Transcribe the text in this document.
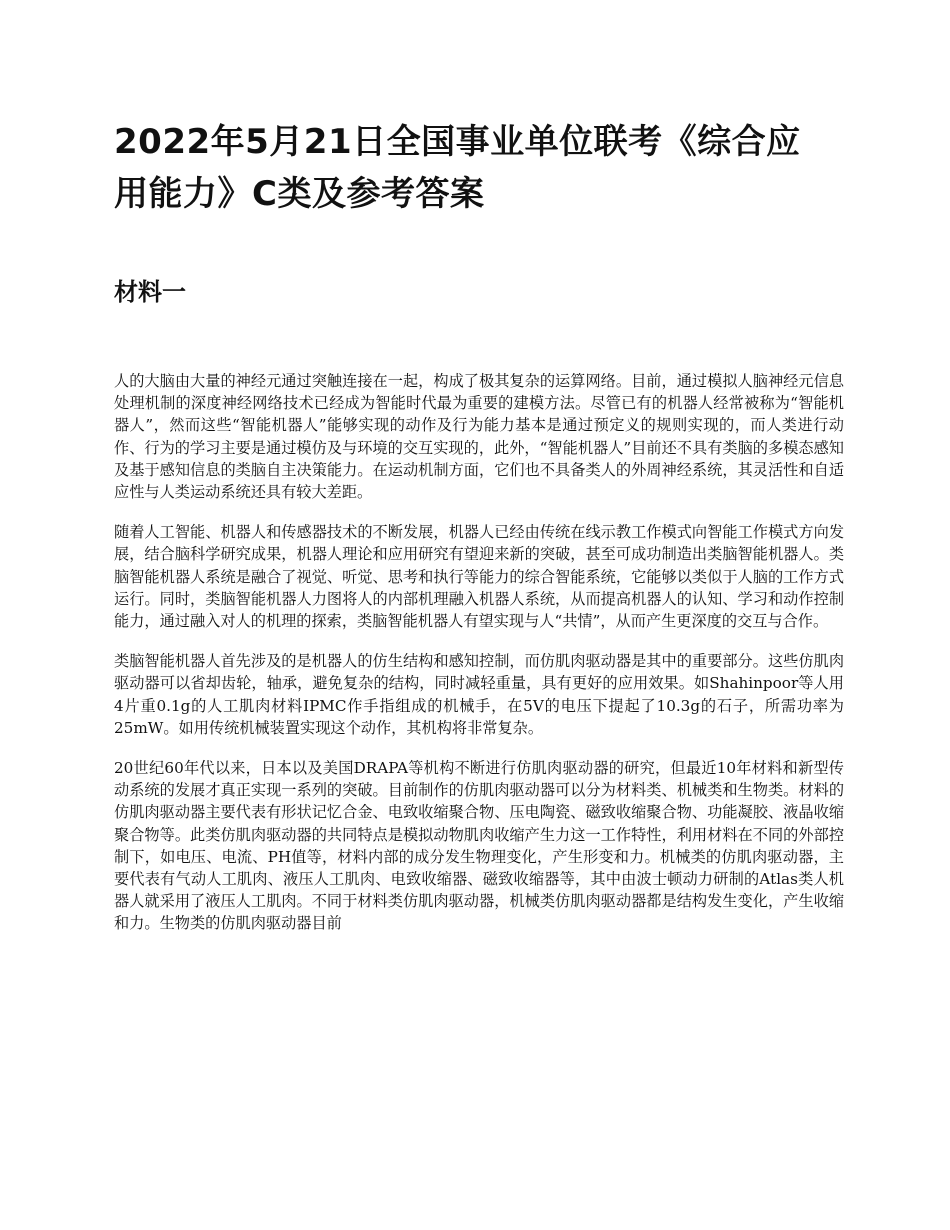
2022年5月21日全国事业单位联考《综合应用能力》C类及参考答案
材料一

人的大脑由大量的神经元通过突触连接在一起，构成了极其复杂的运算网络。目前，通过模拟人脑神经元信息处理机制的深度神经网络技术已经成为智能时代最为重要的建模方法。尽管已有的机器人经常被称为“智能机器人”，然而这些“智能机器人”能够实现的动作及行为能力基本是通过预定义的规则实现的，而人类进行动作、行为的学习主要是通过模仿及与环境的交互实现的，此外，“智能机器人”目前还不具有类脑的多模态感知及基于感知信息的类脑自主决策能力。在运动机制方面，它们也不具备类人的外周神经系统，其灵活性和自适应性与人类运动系统还具有较大差距。

随着人工智能、机器人和传感器技术的不断发展，机器人已经由传统在线示教工作模式向智能工作模式方向发展，结合脑科学研究成果，机器人理论和应用研究有望迎来新的突破，甚至可成功制造出类脑智能机器人。类脑智能机器人系统是融合了视觉、听觉、思考和执行等能力的综合智能系统，它能够以类似于人脑的工作方式运行。同时，类脑智能机器人力图将人的内部机理融入机器人系统，从而提高机器人的认知、学习和动作控制能力，通过融入对人的机理的探索，类脑智能机器人有望实现与人“共情”，从而产生更深度的交互与合作。

类脑智能机器人首先涉及的是机器人的仿生结构和感知控制，而仿肌肉驱动器是其中的重要部分。这些仿肌肉驱动器可以省却齿轮，轴承，避免复杂的结构，同时减轻重量，具有更好的应用效果。如Shahinpoor等人用4片重0.1g的人工肌肉材料IPMC作手指组成的机械手，在5V的电压下提起了10.3g的石子，所需功率为25mW。如用传统机械装置实现这个动作，其机构将非常复杂。

20世纪60年代以来，日本以及美国DRAPA等机构不断进行仿肌肉驱动器的研究，但最近10年材料和新型传动系统的发展才真正实现一系列的突破。目前制作的仿肌肉驱动器可以分为材料类、机械类和生物类。材料的仿肌肉驱动器主要代表有形状记忆合金、电致收缩聚合物、压电陶瓷、磁致收缩聚合物、功能凝胶、液晶收缩聚合物等。此类仿肌肉驱动器的共同特点是模拟动物肌肉收缩产生力这一工作特性，利用材料在不同的外部控制下，如电压、电流、PH值等，材料内部的成分发生物理变化，产生形变和力。机械类的仿肌肉驱动器，主要代表有气动人工肌肉、液压人工肌肉、电致收缩器、磁致收缩器等，其中由波士顿动力研制的Atlas类人机器人就采用了液压人工肌肉。不同于材料类仿肌肉驱动器，机械类仿肌肉驱动器都是结构发生变化，产生收缩和力。生物类的仿肌肉驱动器目前
